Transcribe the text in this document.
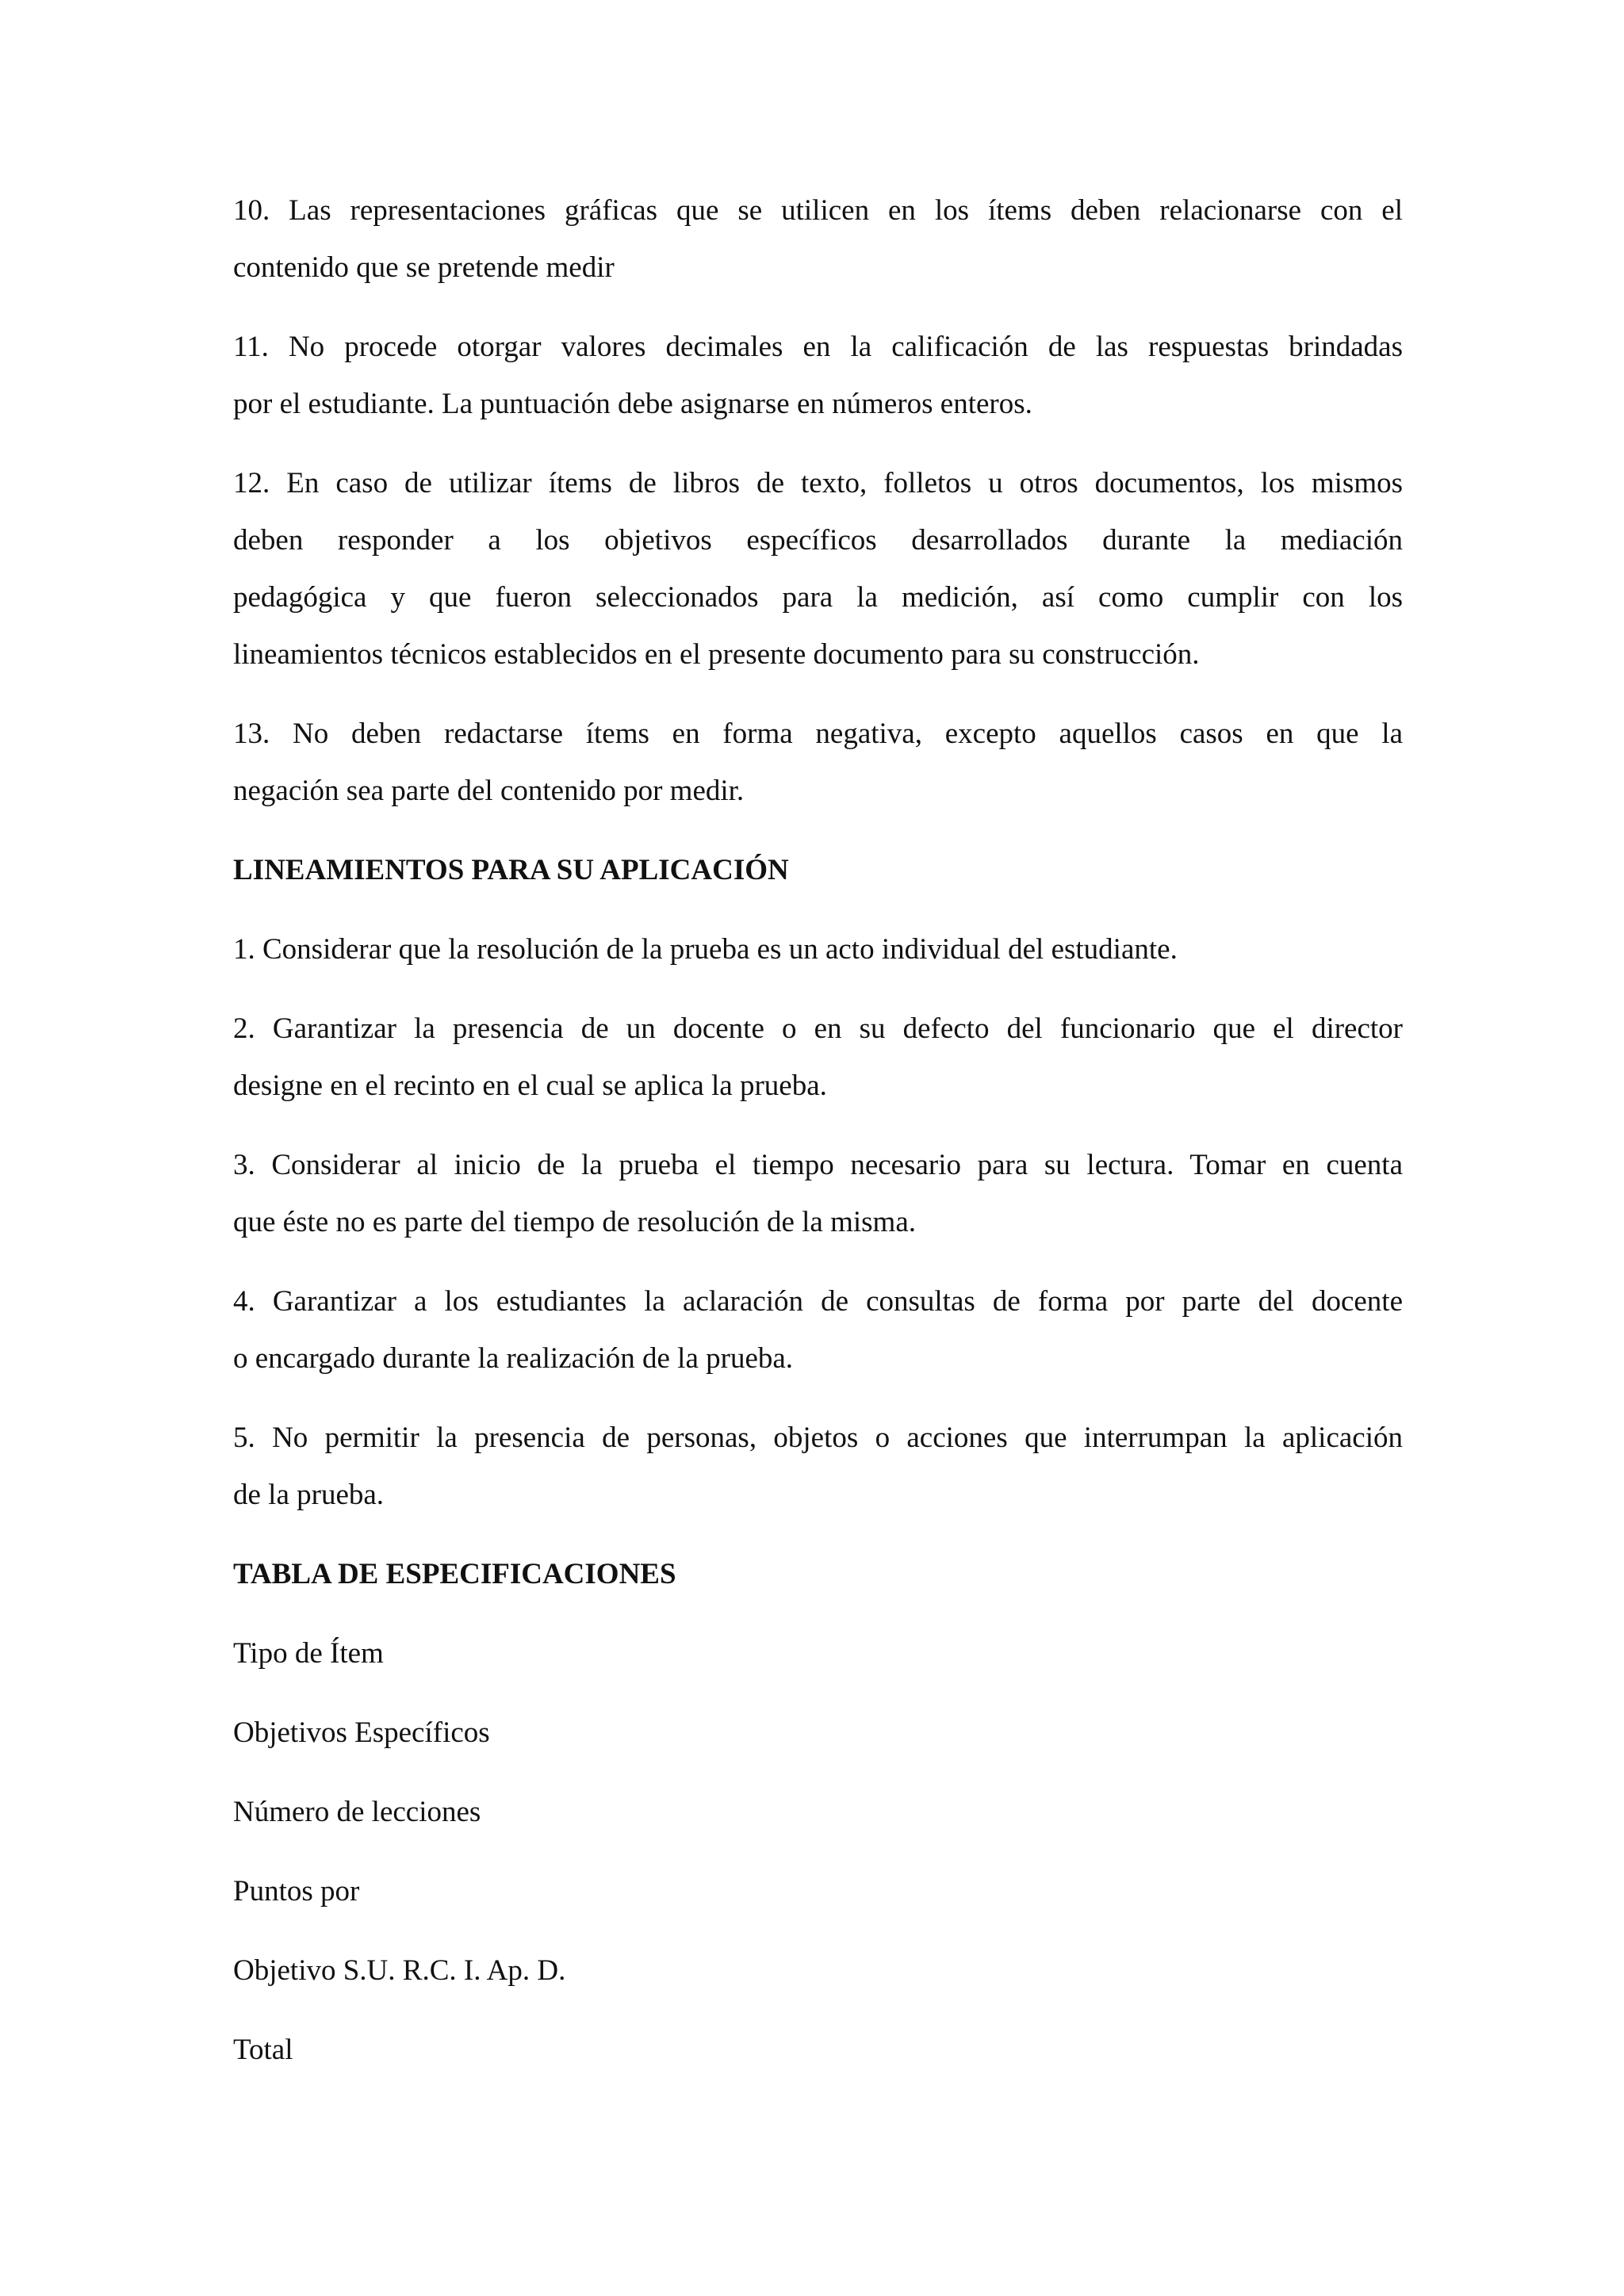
10. Las representaciones gráficas que se utilicen en los ítems deben relacionarse con el
contenido que se pretende medir
11. No procede otorgar valores decimales en la calificación de las respuestas brindadas
por el estudiante. La puntuación debe asignarse en números enteros.
12. En caso de utilizar ítems de libros de texto, folletos u otros documentos, los mismos
deben responder a los objetivos específicos desarrollados durante la mediación
pedagógica y que fueron seleccionados para la medición, así como cumplir con los
lineamientos técnicos establecidos en el presente documento para su construcción.
13. No deben redactarse ítems en forma negativa, excepto aquellos casos en que la
negación sea parte del contenido por medir.
LINEAMIENTOS PARA SU APLICACIÓN
1. Considerar que la resolución de la prueba es un acto individual del estudiante.
2. Garantizar la presencia de un docente o en su defecto del funcionario que el director
designe en el recinto en el cual se aplica la prueba.
3. Considerar al inicio de la prueba el tiempo necesario para su lectura. Tomar en cuenta
que éste no es parte del tiempo de resolución de la misma.
4. Garantizar a los estudiantes la aclaración de consultas de forma por parte del docente
o encargado durante la realización de la prueba.
5. No permitir la presencia de personas, objetos o acciones que interrumpan la aplicación
de la prueba.
TABLA DE ESPECIFICACIONES
Tipo de Ítem
Objetivos Específicos
Número de lecciones
Puntos por
Objetivo S.U. R.C. I. Ap. D.
Total
